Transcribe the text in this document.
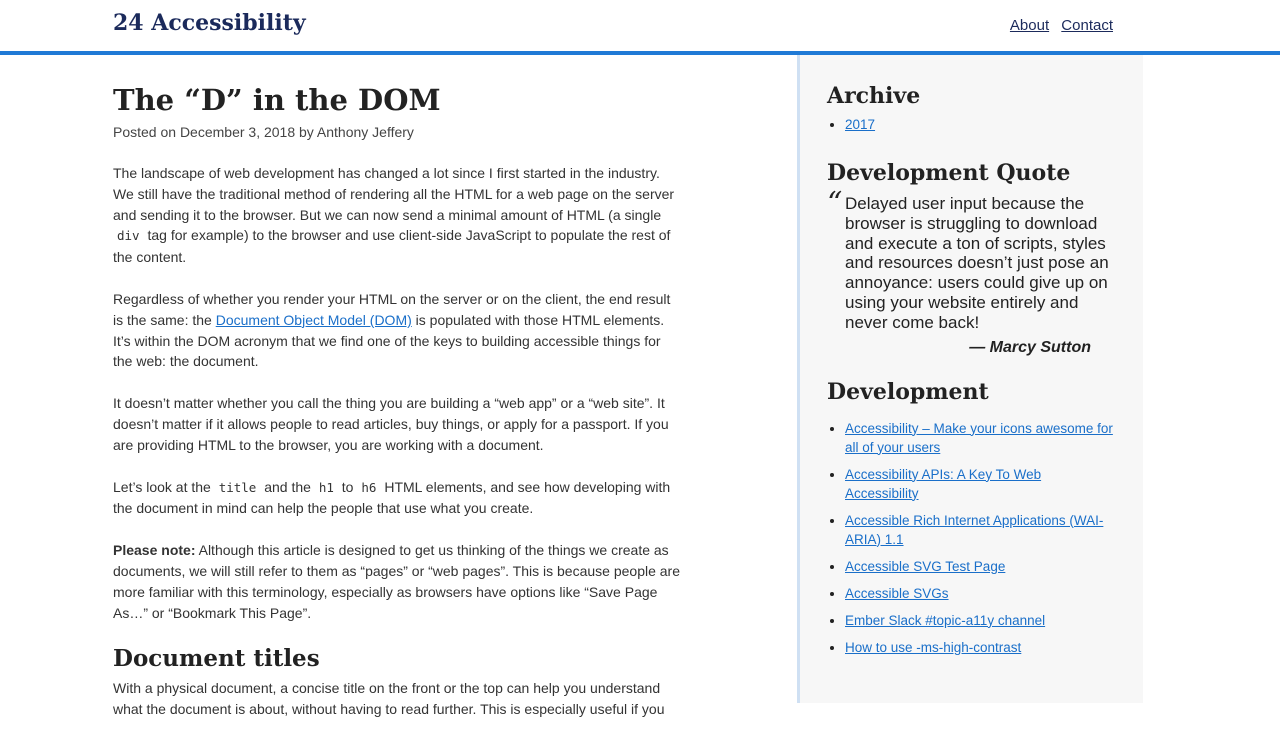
24 Accessibility	About Contact
The “D” in the DOM
Posted on December 3, 2018 by Anthony Jeffery

The landscape of web development has changed a lot since I first started in the industry. We still have the traditional method of rendering all the HTML for a web page on the server and sending it to the browser. But we can now send a minimal amount of HTML (a single div tag for example) to the browser and use client-side JavaScript to populate the rest of the content.

Regardless of whether you render your HTML on the server or on the client, the end result is the same: the Document Object Model (DOM) is populated with those HTML elements. It’s within the DOM acronym that we find one of the keys to building accessible things for the web: the document.

It doesn’t matter whether you call the thing you are building a “web app” or a “web site”. It doesn’t matter if it allows people to read articles, buy things, or apply for a passport. If you are providing HTML to the browser, you are working with a document.

Let’s look at the title and the h1 to h6 HTML elements, and see how developing with the document in mind can help the people that use what you create.

Please note: Although this article is designed to get us thinking of the things we create as documents, we will still refer to them as “pages” or “web pages”. This is because people are more familiar with this terminology, especially as browsers have options like “Save Page As…” or “Bookmark This Page”.

Document titles

With a physical document, a concise title on the front or the top can help you understand what the document is about, without having to read further. This is especially useful if you

Archive
• 2017
Development Quote
“ Delayed user input because the browser is struggling to download and execute a ton of scripts, styles and resources doesn’t just pose an annoyance: users could give up on using your website entirely and never come back!
— Marcy Sutton
Development
• Accessibility – Make your icons awesome for all of your users
• Accessibility APIs: A Key To Web Accessibility
• Accessible Rich Internet Applications (WAI-ARIA) 1.1
• Accessible SVG Test Page
• Accessible SVGs
• Ember Slack #topic-a11y channel
• How to use -ms-high-contrast
